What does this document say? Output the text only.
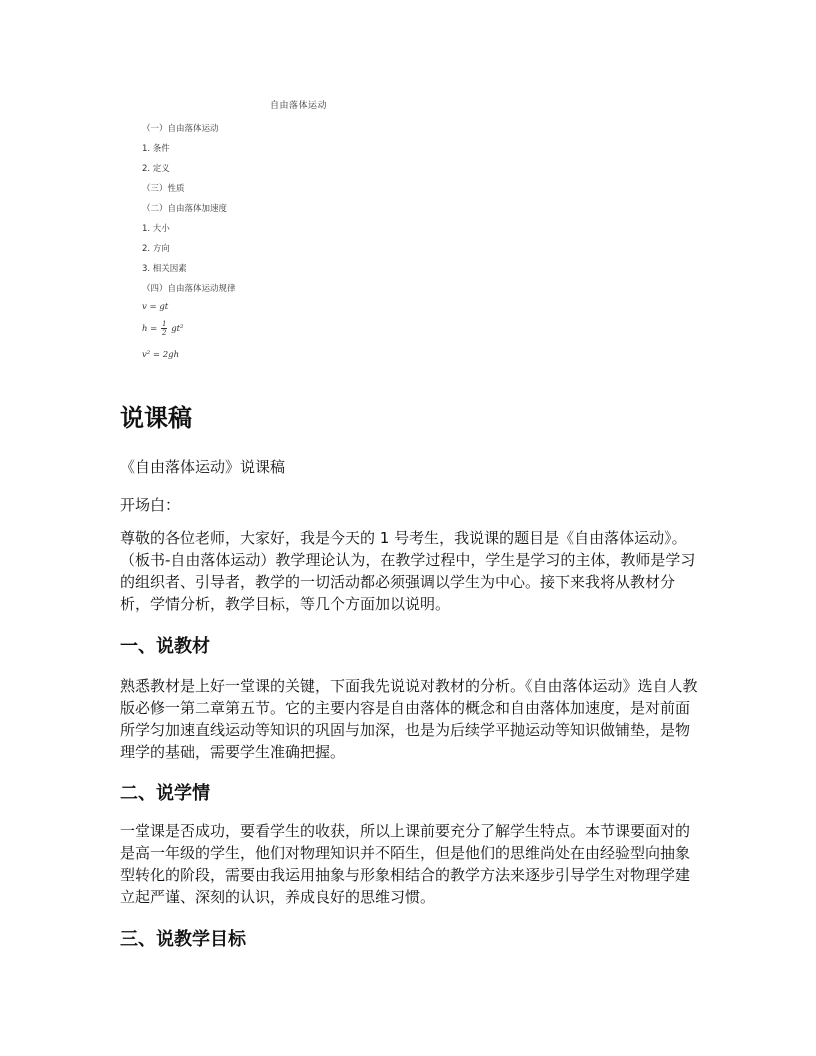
自由落体运动
（一）自由落体运动
1. 条件
2. 定义
（三）性质
（二）自由落体加速度
1. 大小
2. 方向
3. 相关因素
（四）自由落体运动规律
v = gt
$h = \frac{1}{2} gt^2$
v² = 2gh
说课稿

《自由落体运动》说课稿

开场白：

尊敬的各位老师，大家好，我是今天的 1 号考生，我说课的题目是《自由落体运动》。（板书-自由落体运动）教学理论认为，在教学过程中，学生是学习的主体，教师是学习的组织者、引导者，教学的一切活动都必须强调以学生为中心。接下来我将从教材分析，学情分析，教学目标，等几个方面加以说明。

一、说教材

熟悉教材是上好一堂课的关键，下面我先说说对教材的分析。《自由落体运动》选自人教版必修一第二章第五节。它的主要内容是自由落体的概念和自由落体加速度，是对前面所学匀加速直线运动等知识的巩固与加深，也是为后续学平抛运动等知识做铺垫，是物理学的基础，需要学生准确把握。

二、说学情

一堂课是否成功，要看学生的收获，所以上课前要充分了解学生特点。本节课要面对的是高一年级的学生，他们对物理知识并不陌生，但是他们的思维尚处在由经验型向抽象型转化的阶段，需要由我运用抽象与形象相结合的教学方法来逐步引导学生对物理学建立起严谨、深刻的认识，养成良好的思维习惯。

三、说教学目标
